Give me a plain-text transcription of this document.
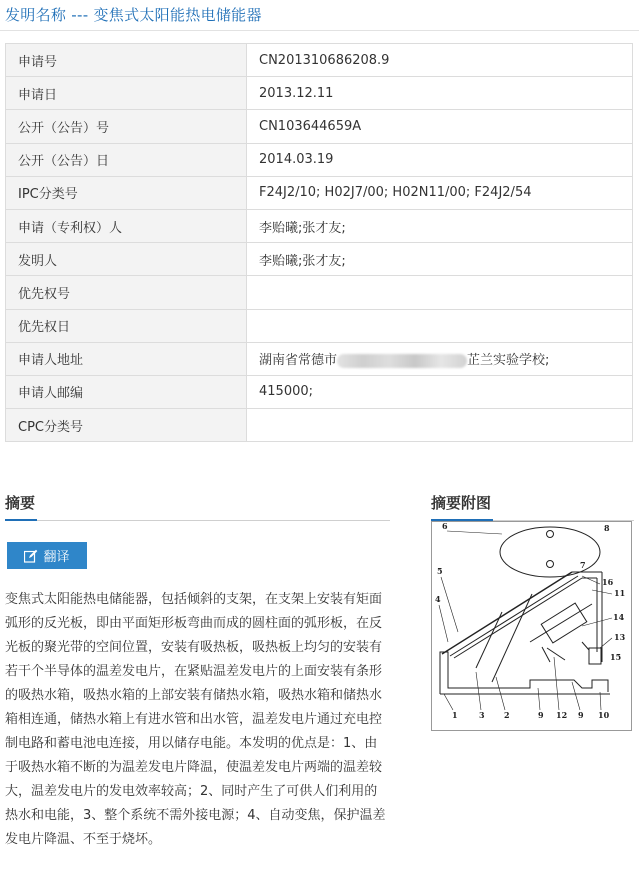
发明名称 --- 变焦式太阳能热电储能器
申请号	CN201310686208.9
申请日	2013.12.11
公开（公告）号	CN103644659A
公开（公告）日	2014.03.19
IPC分类号	F24J2/10; H02J7/00; H02N11/00; F24J2/54
申请（专利权）人	李贻曦;张才友;
发明人	李贻曦;张才友;
优先权号	
优先权日	
申请人地址	湖南省常德市 芷兰实验学校;
申请人邮编	415000;
CPC分类号	
摘要
翻译
变焦式太阳能热电储能器，包括倾斜的支架，在支架上安装有矩面弧形的反光板，即由平面矩形板弯曲而成的圆柱面的弧形板，在反光板的聚光带的空间位置，安装有吸热板，吸热板上均匀的安装有若干个半导体的温差发电片，在紧贴温差发电片的上面安装有条形的吸热水箱，吸热水箱的上部安装有储热水箱，吸热水箱和储热水箱相连通，储热水箱上有进水管和出水管，温差发电片通过充电控制电路和蓄电池电连接，用以储存电能。本发明的优点是：1、由于吸热水箱不断的为温差发电片降温，使温差发电片两端的温差较大，温差发电片的发电效率较高；2、同时产生了可供人们利用的热水和电能，3、整个系统不需外接电源；4、自动变焦，保护温差发电片降温、不至于烧坏。
摘要附图
8
7
6
5
4
16
11
14
13
15
1	3 2	9 12 9 10
